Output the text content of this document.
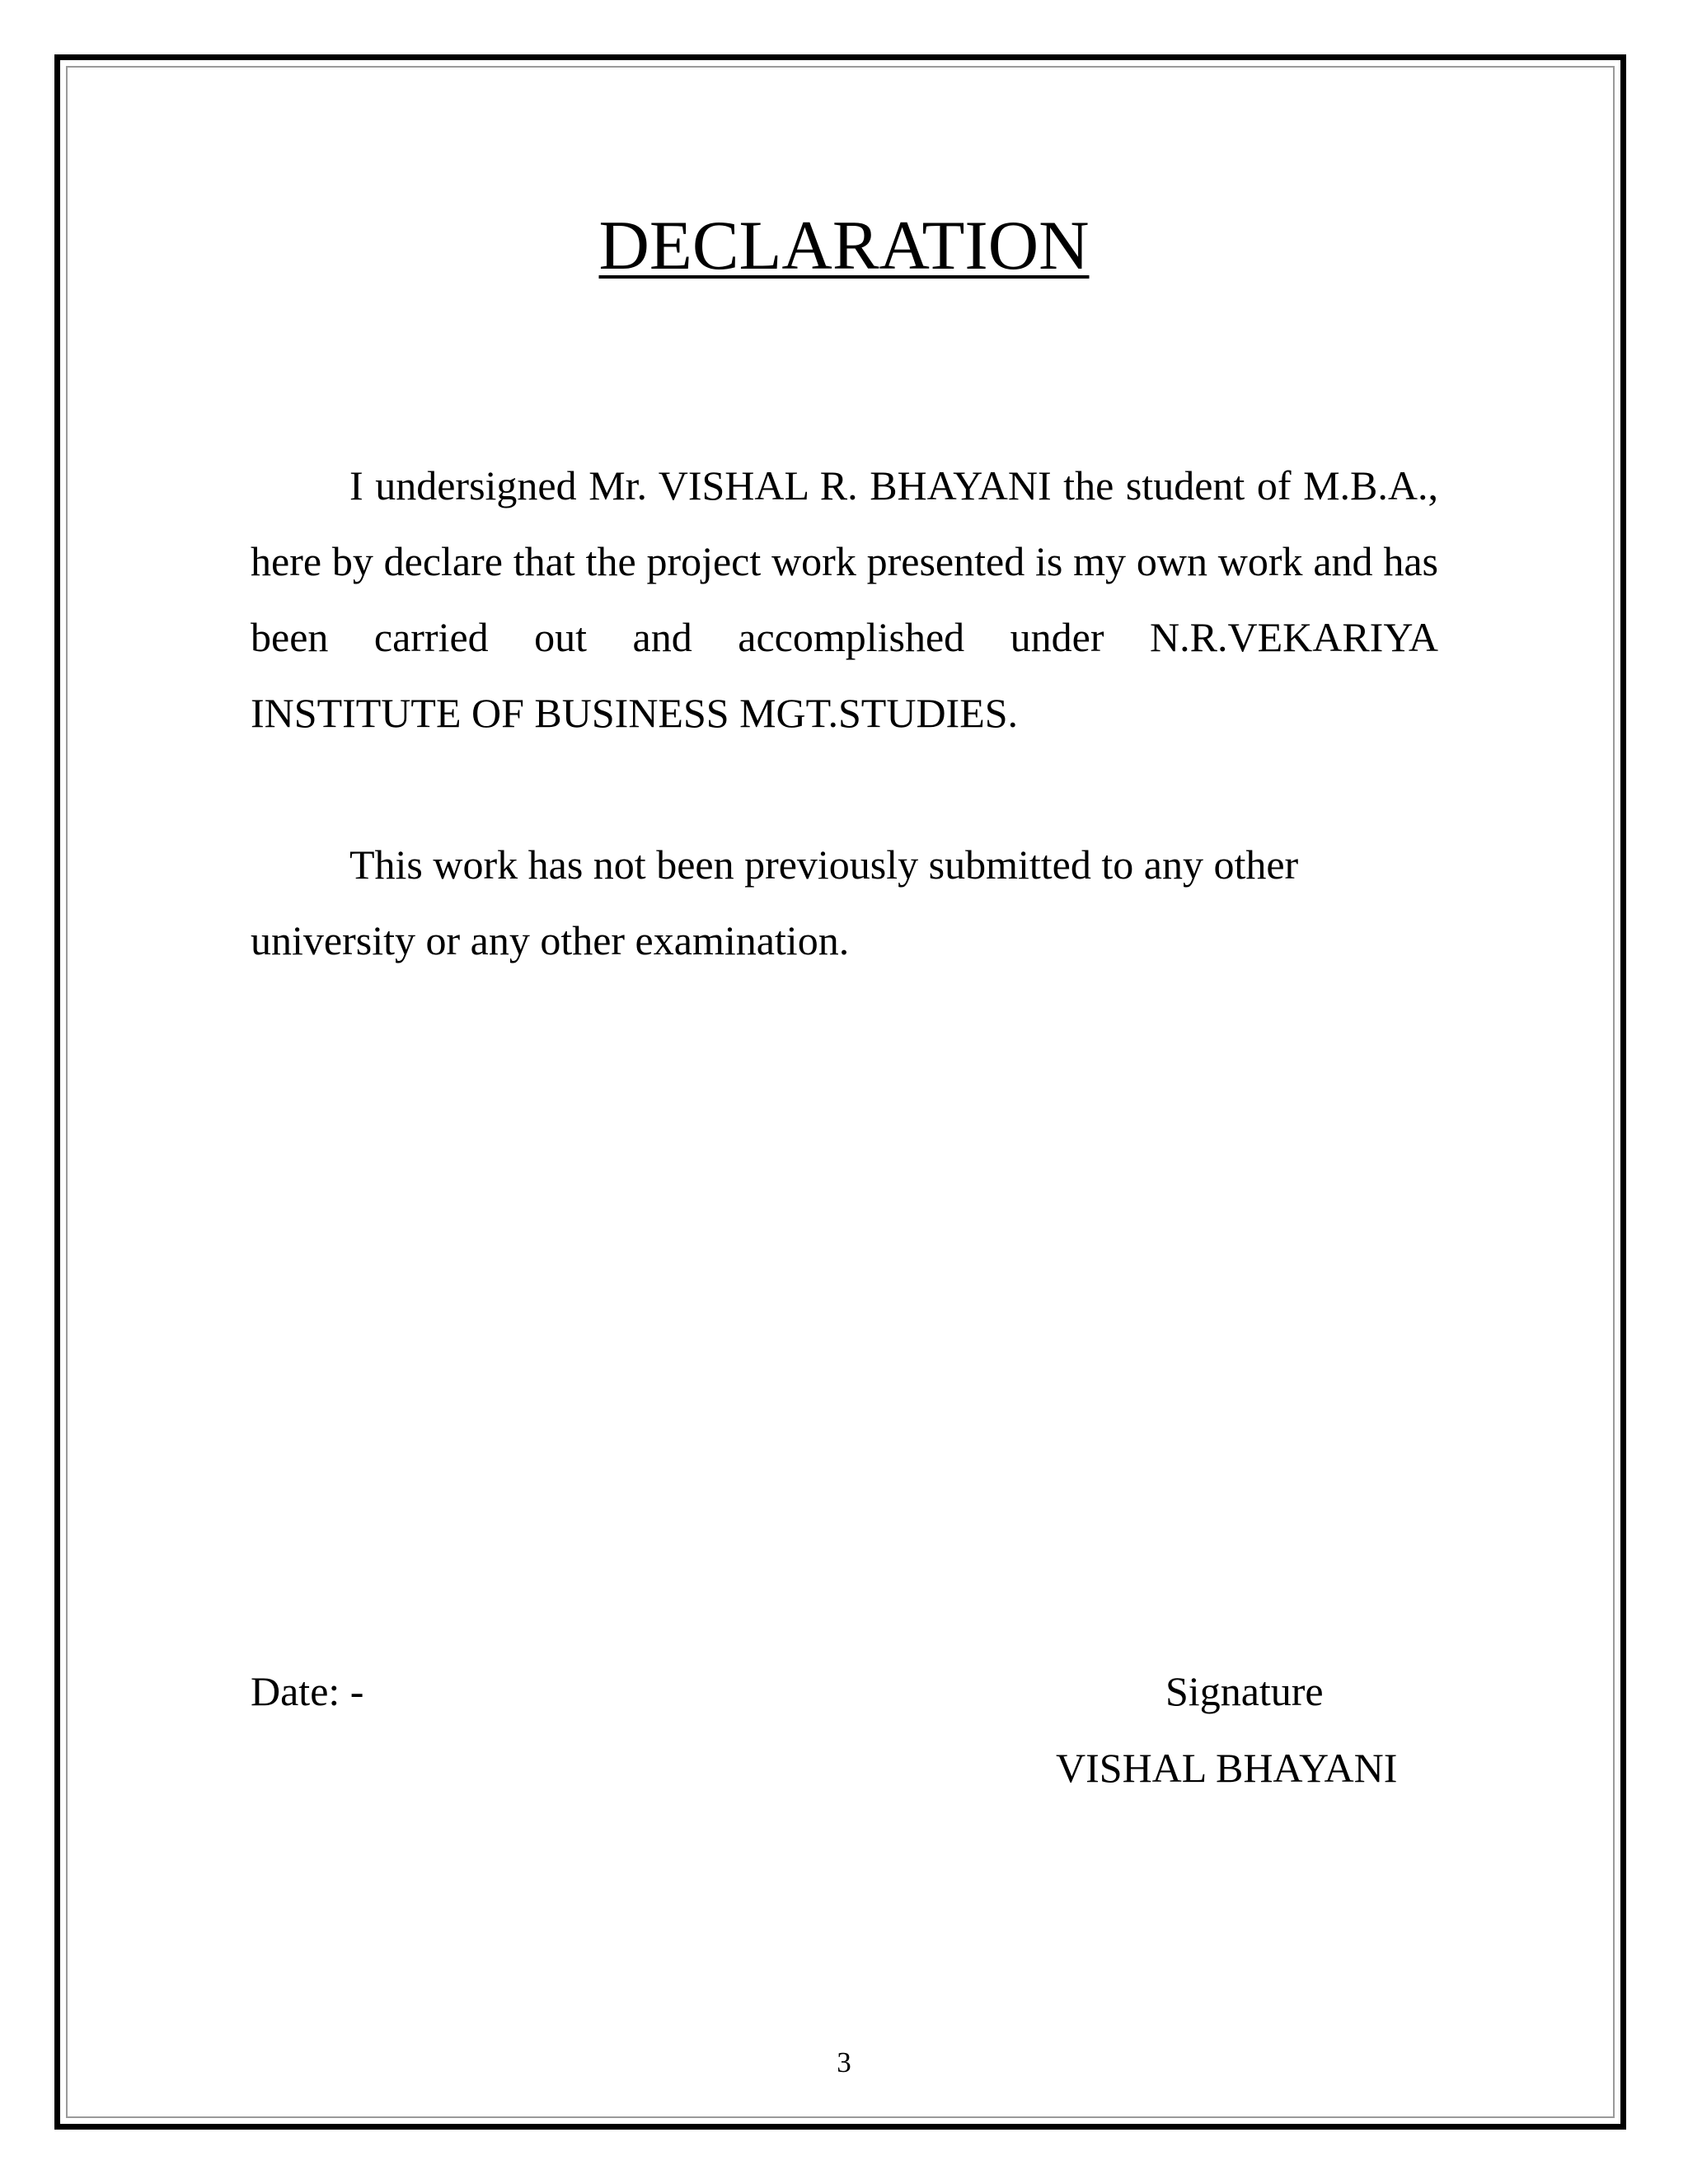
DECLARATION

I undersigned Mr. VISHAL R. BHAYANI the student of M.B.A., here by declare that the project work presented is my own work and has been carried out and accomplished under N.R.VEKARIYA INSTITUTE OF BUSINESS MGT.STUDIES.

This work has not been previously submitted to any other university or any other examination.

Date: -	Signature
VISHAL BHAYANI
3
